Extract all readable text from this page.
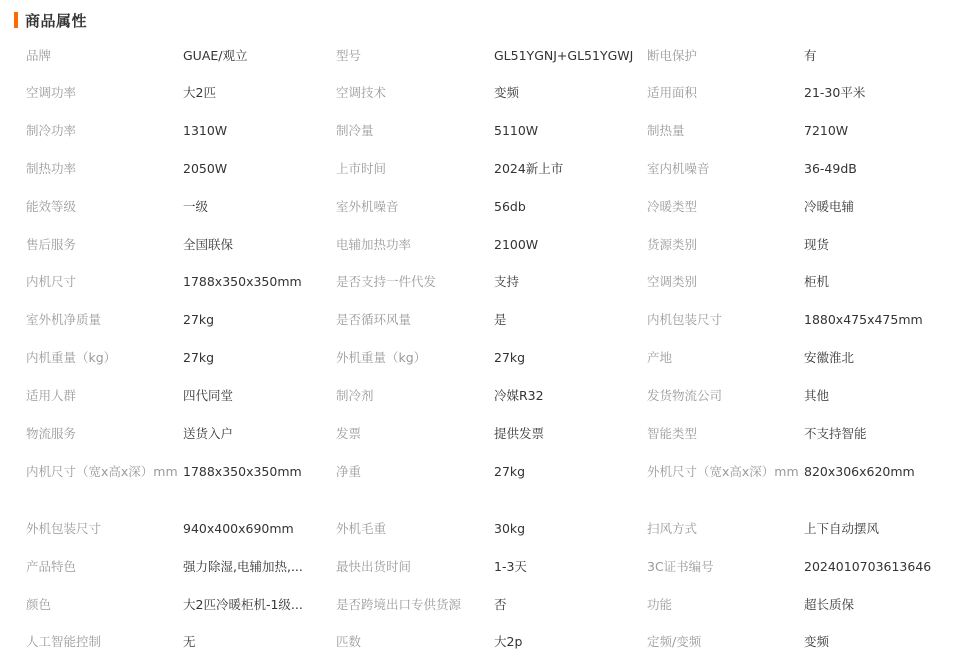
商品属性
品牌	GUAE/观立	型号	GL51YGNJ+GL51YGWJ	断电保护	有
空调功率	大2匹	空调技术	变频	适用面积	21-30平米
制冷功率	1310W	制冷量	5110W	制热量	7210W
制热功率	2050W	上市时间	2024新上市	室内机噪音	36-49dB
能效等级	一级	室外机噪音	56db	冷暖类型	冷暖电辅
售后服务	全国联保	电辅加热功率	2100W	货源类别	现货
内机尺寸	1788x350x350mm	是否支持一件代发	支持	空调类别	柜机
室外机净质量	27kg	是否循环风量	是	内机包装尺寸	1880x475x475mm
内机重量（kg）	27kg	外机重量（kg）	27kg	产地	安徽淮北
适用人群	四代同堂	制冷剂	冷媒R32	发货物流公司	其他
物流服务	送货入户	发票	提供发票	智能类型	不支持智能
内机尺寸（宽x高x深）mm 1788x350x350mm	净重	27kg	外机尺寸（宽x高x深）mm 820x306x620mm
外机包装尺寸	940x400x690mm	外机毛重	30kg	扫风方式	上下自动摆风
产品特色	强力除湿,电辅加热,...	最快出货时间	1-3天	3C证书编号	2024010703613646
颜色	大2匹冷暖柜机-1级...	是否跨境出口专供货源	否	功能	超长质保
人工智能控制	无	匹数	大2p	定频/变频	变频
